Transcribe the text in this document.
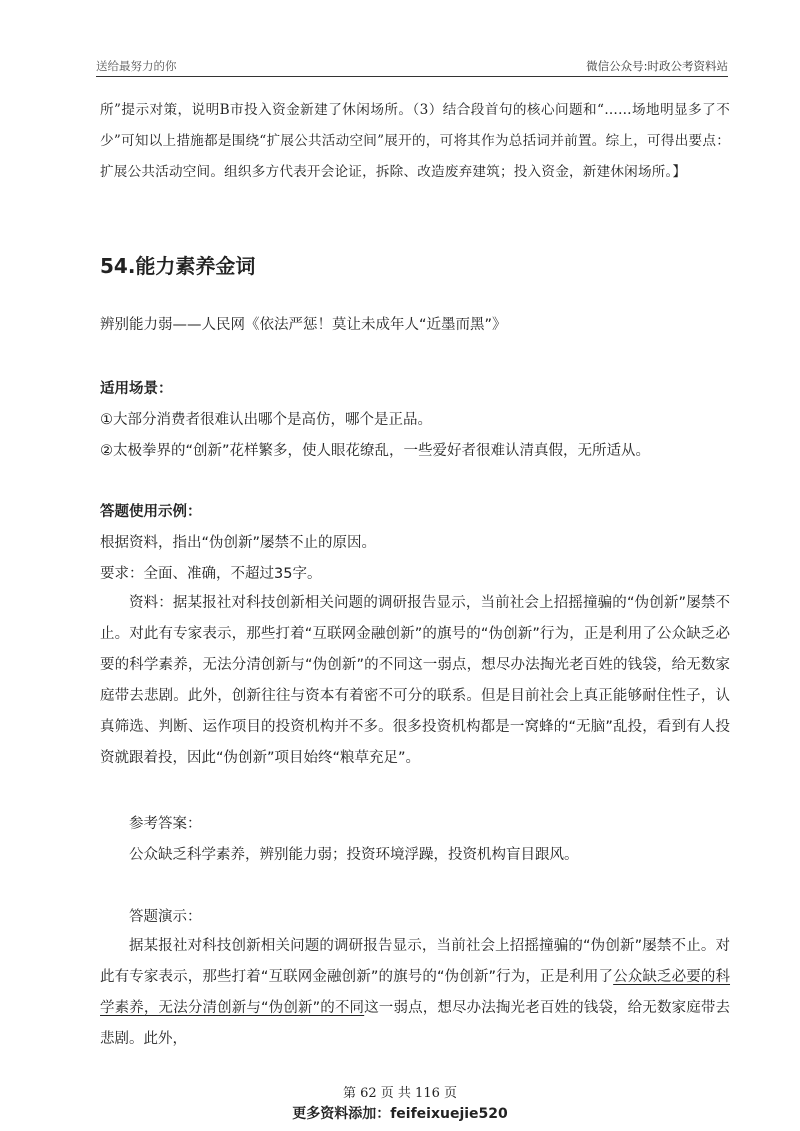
送给最努力的你	微信公众号:时政公考资料站

所”提示对策，说明B市投入资金新建了休闲场所。（3）结合段首句的核心问题和“……场地明显多了不少”可知以上措施都是围绕“扩展公共活动空间”展开的，可将其作为总括词并前置。综上，可得出要点：扩展公共活动空间。组织多方代表开会论证，拆除、改造废弃建筑；投入资金，新建休闲场所。】

54.能力素养金词

辨别能力弱——人民网《依法严惩！莫让未成年人“近墨而黑”》

适用场景：

①大部分消费者很难认出哪个是高仿，哪个是正品。

②太极拳界的“创新”花样繁多，使人眼花缭乱，一些爱好者很难认清真假，无所适从。

答题使用示例：

根据资料，指出“伪创新”屡禁不止的原因。

要求：全面、准确，不超过35字。

资料：据某报社对科技创新相关问题的调研报告显示，当前社会上招摇撞骗的“伪创新”屡禁不止。对此有专家表示，那些打着“互联网金融创新”的旗号的“伪创新”行为，正是利用了公众缺乏必要的科学素养，无法分清创新与“伪创新”的不同这一弱点，想尽办法掏光老百姓的钱袋，给无数家庭带去悲剧。此外，创新往往与资本有着密不可分的联系。但是目前社会上真正能够耐住性子，认真筛选、判断、运作项目的投资机构并不多。很多投资机构都是一窝蜂的“无脑”乱投，看到有人投资就跟着投，因此“伪创新”项目始终“粮草充足”。

参考答案：

公众缺乏科学素养，辨别能力弱；投资环境浮躁，投资机构盲目跟风。

答题演示：

据某报社对科技创新相关问题的调研报告显示，当前社会上招摇撞骗的“伪创新”屡禁不止。对此有专家表示，那些打着“互联网金融创新”的旗号的“伪创新”行为，正是利用了公众缺乏必要的科学素养，无法分清创新与“伪创新”的不同这一弱点，想尽办法掏光老百姓的钱袋，给无数家庭带去悲剧。此外，

第 62 页 共 116 页
更多资料添加：feifeixuejie520
